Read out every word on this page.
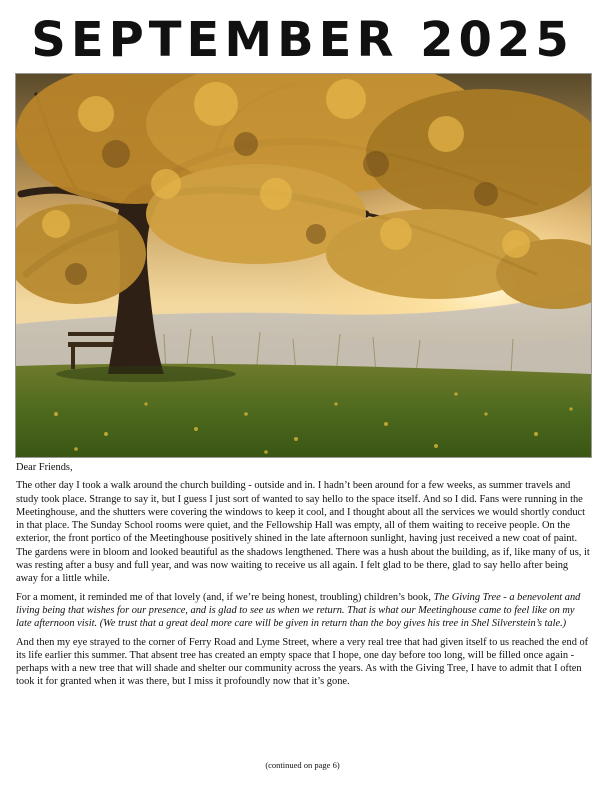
SEPTEMBER 2025

Dear Friends,

The other day I took a walk around the church building - outside and in. I hadn’t been around for a few weeks, as summer travels and study took place. Strange to say it, but I guess I just sort of wanted to say hello to the space itself. And so I did. Fans were running in the Meetinghouse, and the shutters were covering the windows to keep it cool, and I thought about all the services we would shortly conduct in that place. The Sunday School rooms were quiet, and the Fellowship Hall was empty, all of them waiting to receive people. On the exterior, the front portico of the Meetinghouse positively shined in the late afternoon sunlight, having just received a new coat of paint. The gardens were in bloom and looked beautiful as the shadows lengthened. There was a hush about the building, as if, like many of us, it was resting after a busy and full year, and was now waiting to receive us all again. I felt glad to be there, glad to say hello after being away for a little while.

For a moment, it reminded me of that lovely (and, if we’re being honest, troubling) children’s book, The Giving Tree - a benevolent and living being that wishes for our presence, and is glad to see us when we return. That is what our Meetinghouse came to feel like on my late afternoon visit. (We trust that a great deal more care will be given in return than the boy gives his tree in Shel Silverstein’s tale.)

And then my eye strayed to the corner of Ferry Road and Lyme Street, where a very real tree that had given itself to us reached the end of its life earlier this summer. That absent tree has created an empty space that I hope, one day before too long, will be filled once again - perhaps with a new tree that will shade and shelter our community across the years. As with the Giving Tree, I have to admit that I often took it for granted when it was there, but I miss it profoundly now that it’s gone.

(continued on page 6)
